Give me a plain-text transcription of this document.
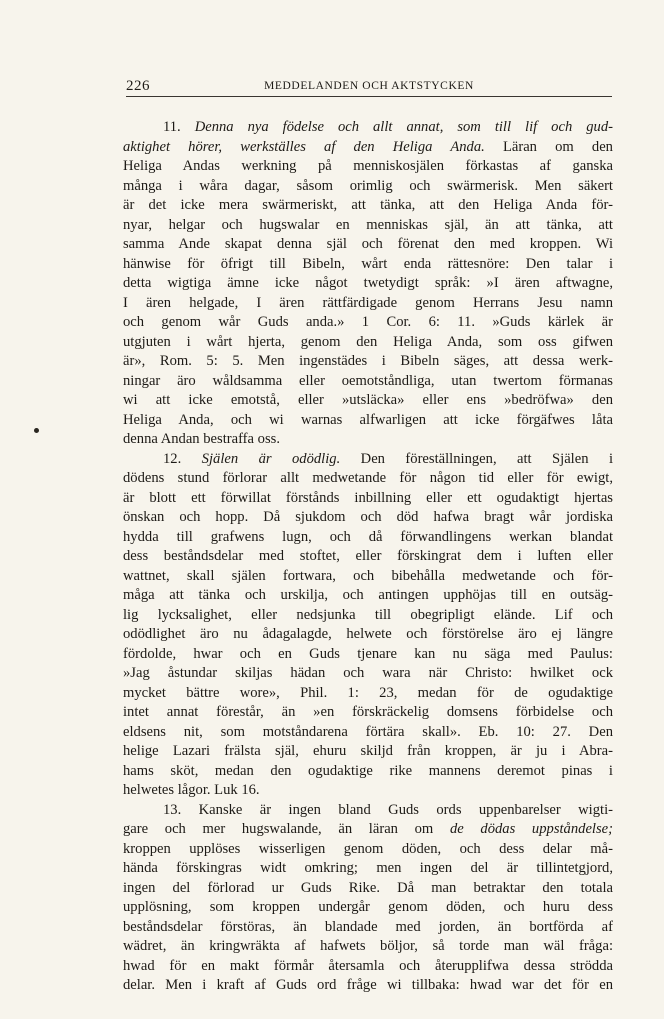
226	MEDDELANDEN OCH AKTSTYCKEN
11. Denna nya födelse och allt annat, som till lif och gud-
aktighet hörer, werkställes af den Heliga Anda. Läran om den
Heliga Andas werkning på menniskosjälen förkastas af ganska
många i wåra dagar, såsom orimlig och swärmerisk. Men säkert
är det icke mera swärmeriskt, att tänka, att den Heliga Anda för-
nyar, helgar och hugswalar en menniskas själ, än att tänka, att
samma Ande skapat denna själ och förenat den med kroppen. Wi
hänwise för öfrigt till Bibeln, wårt enda rättesnöre: Den talar i
detta wigtiga ämne icke något twetydigt språk: »I ären aftwagne,
I ären helgade, I ären rättfärdigade genom Herrans Jesu namn
och genom wår Guds anda.» 1 Cor. 6: 11. »Guds kärlek är
utgjuten i wårt hjerta, genom den Heliga Anda, som oss gifwen
är», Rom. 5: 5. Men ingenstädes i Bibeln säges, att dessa werk-
ningar äro wåldsamma eller oemotståndliga, utan twertom förmanas
wi att icke emotstå, eller »utsläcka» eller ens »bedröfwa» den
Heliga Anda, och wi warnas alfwarligen att icke förgäfwes låta
denna Andan bestraffa oss.
12. Själen är odödlig. Den föreställningen, att Själen i
dödens stund förlorar allt medwetande för någon tid eller för ewigt,
är blott ett förwillat förstånds inbillning eller ett ogudaktigt hjertas
önskan och hopp. Då sjukdom och död hafwa bragt wår jordiska
hydda till grafwens lugn, och då förwandlingens werkan blandat
dess beståndsdelar med stoftet, eller förskingrat dem i luften eller
wattnet, skall själen fortwara, och bibehålla medwetande och för-
måga att tänka och urskilja, och antingen upphöjas till en outsäg-
lig lycksalighet, eller nedsjunka till obegripligt elände. Lif och
odödlighet äro nu ådagalagde, helwete och förstörelse äro ej längre
fördolde, hwar och en Guds tjenare kan nu säga med Paulus:
»Jag åstundar skiljas hädan och wara när Christo: hwilket ock
mycket bättre wore», Phil. 1: 23, medan för de ogudaktige
intet annat förestår, än »en förskräckelig domsens förbidelse och
eldsens nit, som motståndarena förtära skall». Eb. 10: 27. Den
helige Lazari frälsta själ, ehuru skiljd från kroppen, är ju i Abra-
hams sköt, medan den ogudaktige rike mannens deremot pinas i
helwetes lågor. Luk 16.
13. Kanske är ingen bland Guds ords uppenbarelser wigti-
gare och mer hugswalande, än läran om de dödas uppståndelse;
kroppen upplöses wisserligen genom döden, och dess delar må-
hända förskingras widt omkring; men ingen del är tillintetgjord,
ingen del förlorad ur Guds Rike. Då man betraktar den totala
upplösning, som kroppen undergår genom döden, och huru dess
beståndsdelar förstöras, än blandade med jorden, än bortförda af
wädret, än kringwräkta af hafwets böljor, så torde man wäl fråga:
hwad för en makt förmår återsamla och återupplifwa dessa strödda
delar. Men i kraft af Guds ord fråge wi tillbaka: hwad war det för en
